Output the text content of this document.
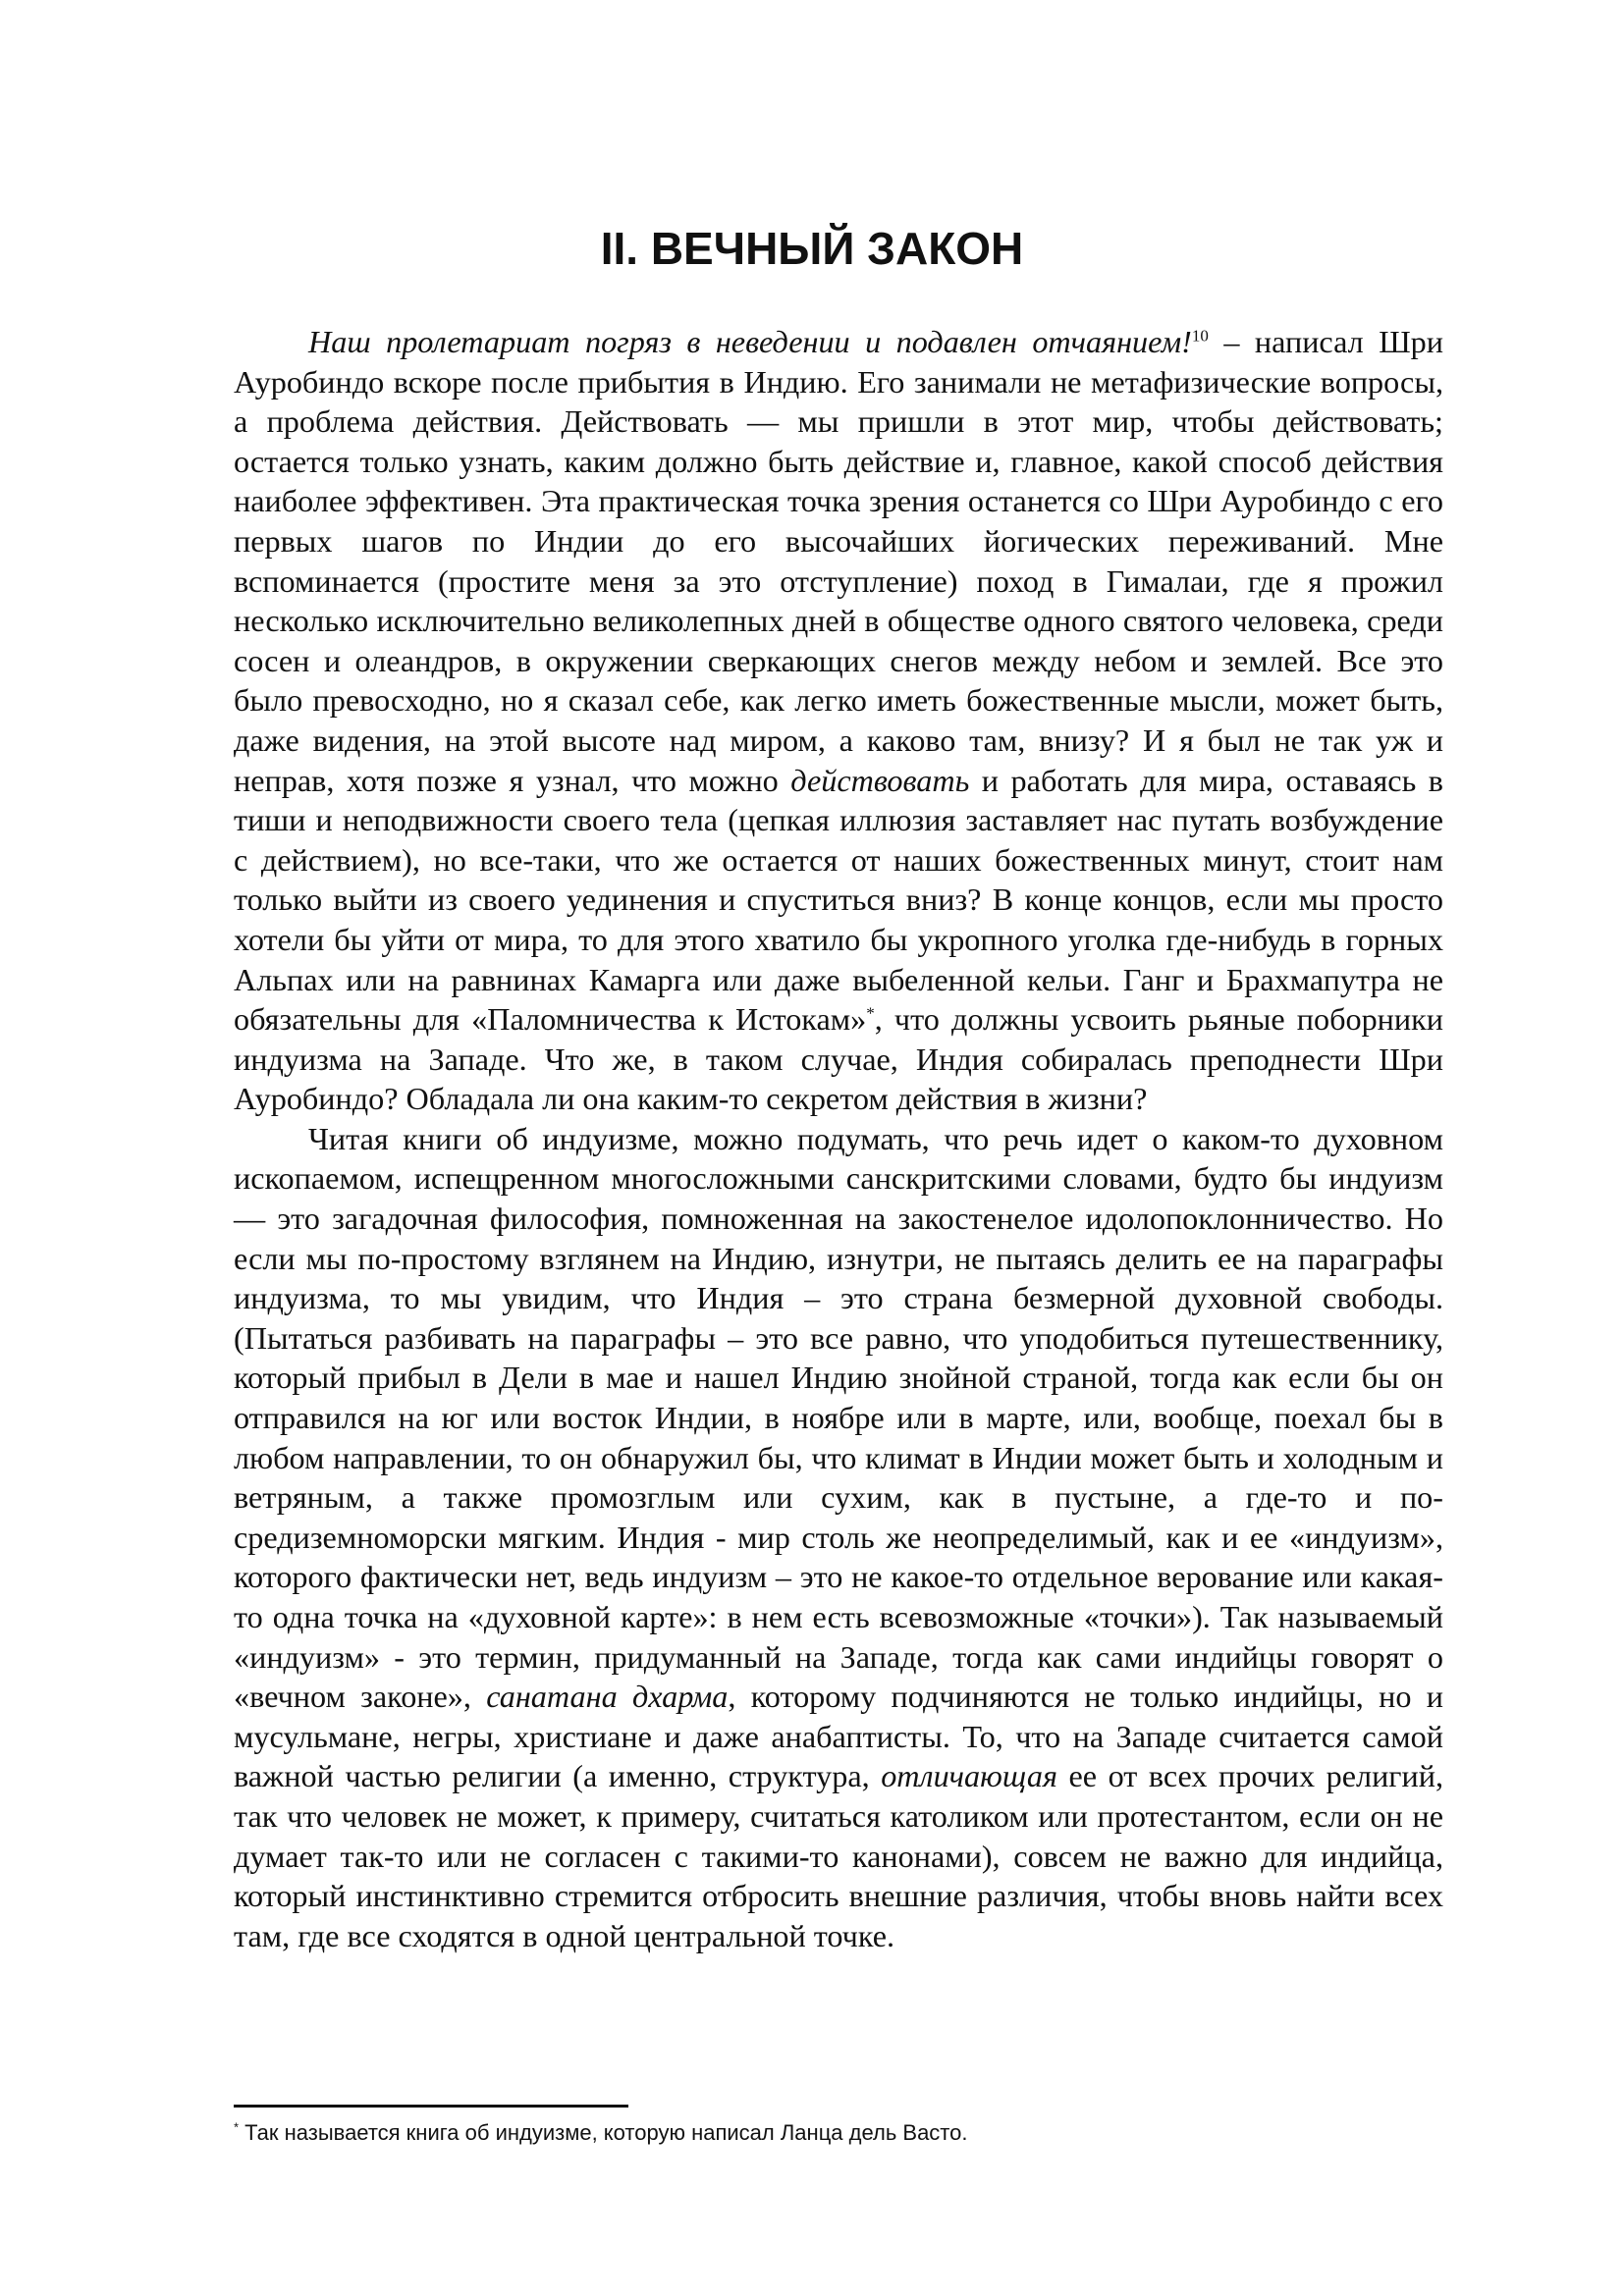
II. ВЕЧНЫЙ ЗАКОН

Наш пролетариат погряз в неведении и подавлен отчаянием!$^{10}$ – написал Шри Ауробиндо вскоре после прибытия в Индию. Его занимали не метафизические вопросы, а проблема действия. Действовать — мы пришли в этот мир, чтобы действовать; остается только узнать, каким должно быть действие и, главное, какой способ действия наиболее эффективен. Эта практическая точка зрения останется со Шри Ауробиндо с его первых шагов по Индии до его высочайших йогических переживаний. Мне вспоминается (простите меня за это отступление) поход в Гималаи, где я прожил несколько исключительно великолепных дней в обществе одного святого человека, среди сосен и олеандров, в окружении сверкающих снегов между небом и землей. Все это было превосходно, но я сказал себе, как легко иметь божественные мысли, может быть, даже видения, на этой высоте над миром, а каково там, внизу? И я был не так уж и неправ, хотя позже я узнал, что можно действовать и работать для мира, оставаясь в тиши и неподвижности своего тела (цепкая иллюзия заставляет нас путать возбуждение с действием), но все-таки, что же остается от наших божественных минут, стоит нам только выйти из своего уединения и спуститься вниз? В конце концов, если мы просто хотели бы уйти от мира, то для этого хватило бы укропного уголка где-нибудь в горных Альпах или на равнинах Камарга или даже выбеленной кельи. Ганг и Брахмапутра не обязательны для «Паломничества к Истокам»*, что должны усвоить рьяные поборники индуизма на Западе. Что же, в таком случае, Индия собиралась преподнести Шри Ауробиндо? Обладала ли она каким-то секретом действия в жизни?

Читая книги об индуизме, можно подумать, что речь идет о каком-то духовном ископаемом, испещренном многосложными санскритскими словами, будто бы индуизм — это загадочная философия, помноженная на закостенелое идолопоклонничество. Но если мы по-простому взглянем на Индию, изнутри, не пытаясь делить ее на параграфы индуизма, то мы увидим, что Индия – это страна безмерной духовной свободы. (Пытаться разбивать на параграфы – это все равно, что уподобиться путешественнику, который прибыл в Дели в мае и нашел Индию знойной страной, тогда как если бы он отправился на юг или восток Индии, в ноябре или в марте, или, вообще, поехал бы в любом направлении, то он обнаружил бы, что климат в Индии может быть и холодным и ветряным, а также промозглым или сухим, как в пустыне, а где-то и по-средиземноморски мягким. Индия - мир столь же неопределимый, как и ее «индуизм», которого фактически нет, ведь индуизм – это не какое-то отдельное верование или какая-то одна точка на «духовной карте»: в нем есть всевозможные «точки»). Так называемый «индуизм» - это термин, придуманный на Западе, тогда как сами индийцы говорят о «вечном законе», санатана дхарма, которому подчиняются не только индийцы, но и мусульмане, негры, христиане и даже анабаптисты. То, что на Западе считается самой важной частью религии (а именно, структура, отличающая ее от всех прочих религий, так что человек не может, к примеру, считаться католиком или протестантом, если он не думает так-то или не согласен с такими-то канонами), совсем не важно для индийца, который инстинктивно стремится отбросить внешние различия, чтобы вновь найти всех там, где все сходятся в одной центральной точке.

* Так называется книга об индуизме, которую написал Ланца дель Васто.
